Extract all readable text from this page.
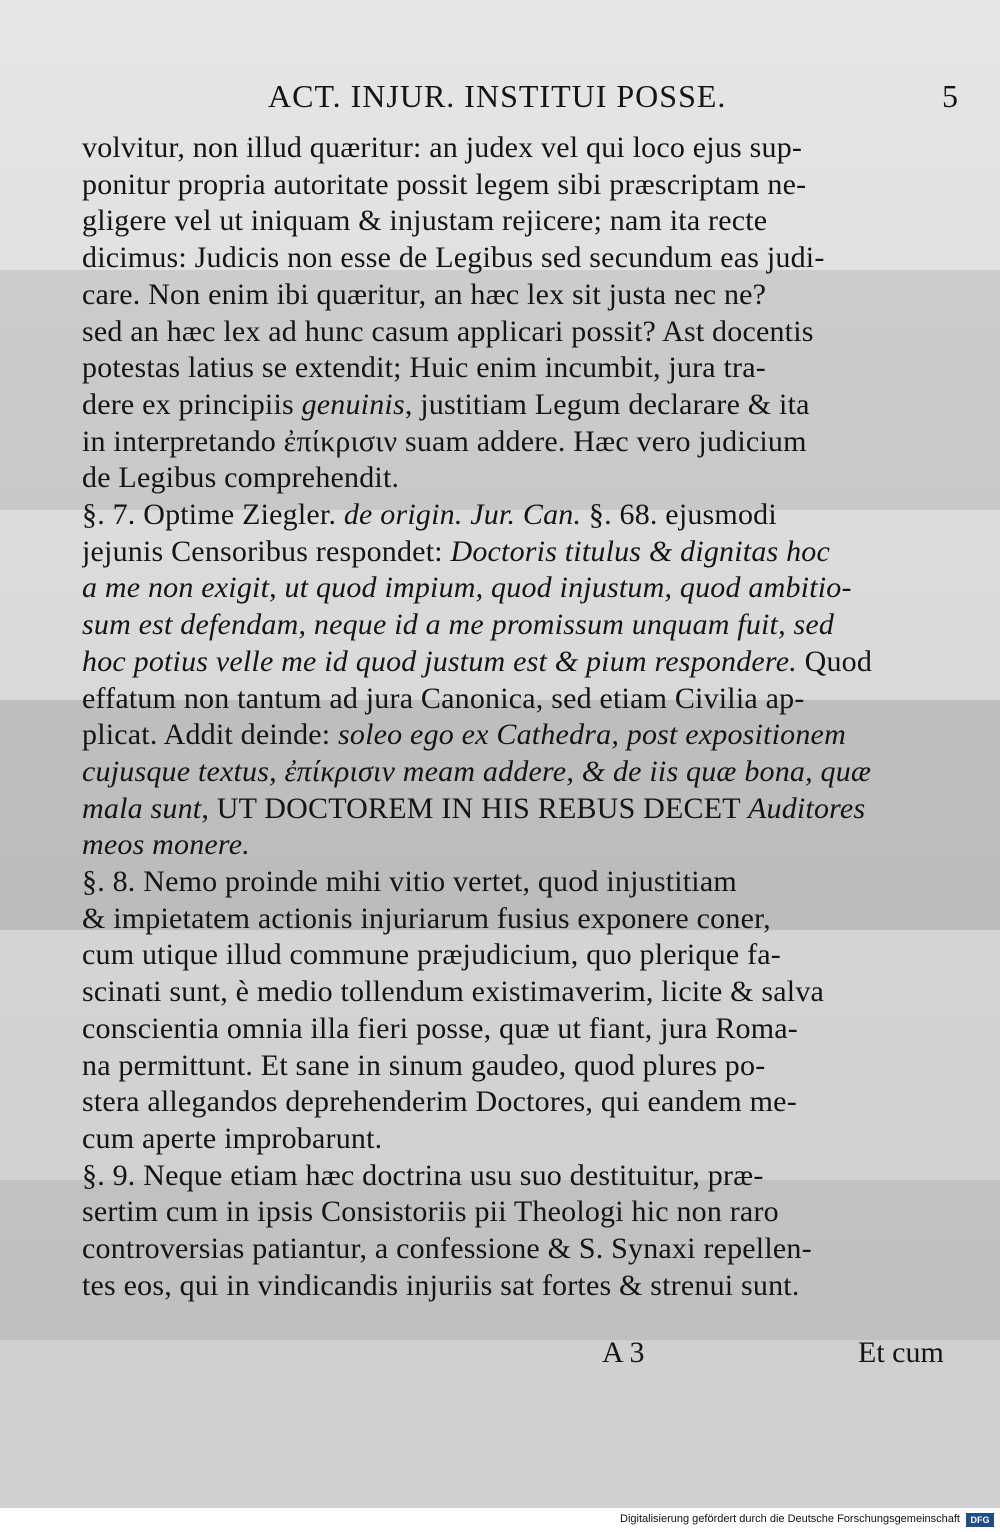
ACT. INJUR. INSTITUI POSSE.	5
volvitur, non illud quæritur: an judex vel qui loco ejus sup-
ponitur propria autoritate possit legem sibi præscriptam ne-
gligere vel ut iniquam & injustam rejicere; nam ita recte
dicimus: Judicis non esse de Legibus sed secundum eas judi-
care. Non enim ibi quæritur, an hæc lex sit justa nec ne?
sed an hæc lex ad hunc casum applicari possit? Ast docentis
potestas latius se extendit; Huic enim incumbit, jura tra-
dere ex principiis genuinis, justitiam Legum declarare & ita
in interpretando ἐπίκρισιν suam addere. Hæc vero judicium
de Legibus comprehendit.
§. 7. Optime Ziegler. de origin. Jur. Can. §. 68. ejusmodi
jejunis Censoribus respondet: Doctoris titulus & dignitas hoc
a me non exigit, ut quod impium, quod injustum, quod ambitio-
sum est defendam, neque id a me promissum unquam fuit, sed
hoc potius velle me id quod justum est & pium respondere. Quod
effatum non tantum ad jura Canonica, sed etiam Civilia ap-
plicat. Addit deinde: soleo ego ex Cathedra, post expositionem
cujusque textus, ἐπίκρισιν meam addere, & de iis quæ bona, quæ
mala sunt, UT DOCTOREM IN HIS REBUS DECET Auditores
meos monere.
§. 8. Nemo proinde mihi vitio vertet, quod injustitiam
& impietatem actionis injuriarum fusius exponere coner,
cum utique illud commune præjudicium, quo plerique fa-
scinati sunt, è medio tollendum existimaverim, licite & salva
conscientia omnia illa fieri posse, quæ ut fiant, jura Roma-
na permittunt. Et sane in sinum gaudeo, quod plures po-
stera allegandos deprehenderim Doctores, qui eandem me-
cum aperte improbarunt.
§. 9. Neque etiam hæc doctrina usu suo destituitur, præ-
sertim cum in ipsis Consistoriis pii Theologi hic non raro
controversias patiantur, a confessione & S. Synaxi repellen-
tes eos, qui in vindicandis injuriis sat fortes & strenui sunt.
A 3	Et cum
Digitalisierung gefördert durch die Deutsche Forschungsgemeinschaft	DFG
